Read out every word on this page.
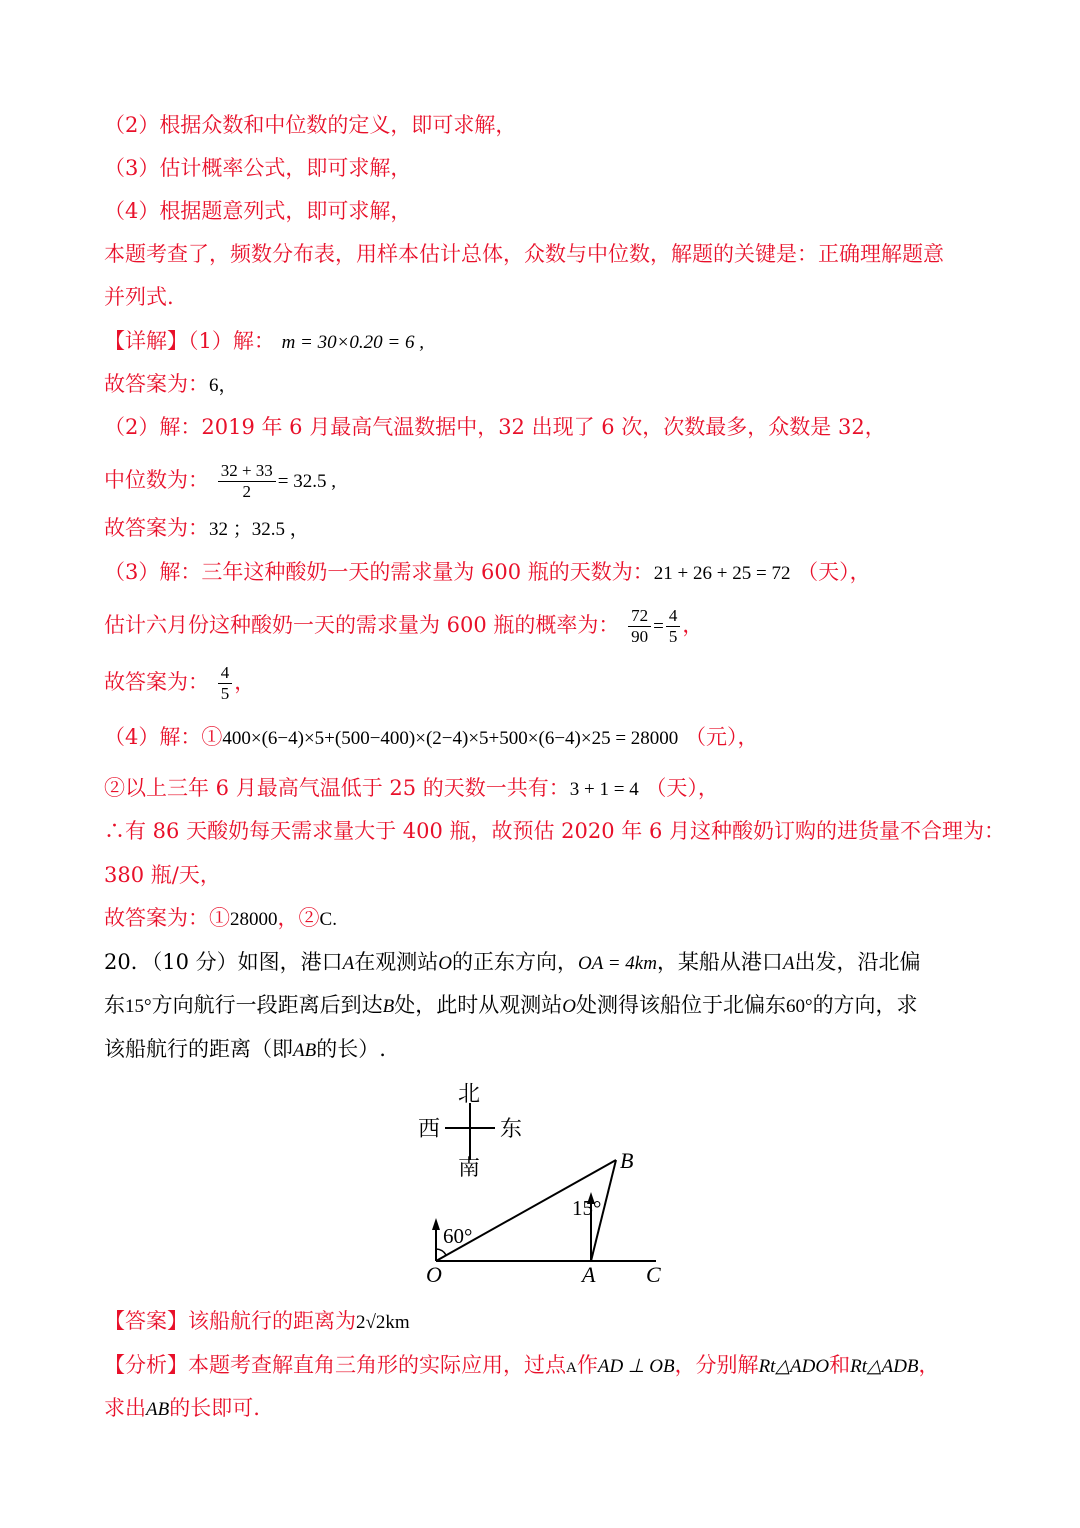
（2）根据众数和中位数的定义，即可求解，
（3）估计概率公式，即可求解，
（4）根据题意列式，即可求解，
本题考查了，频数分布表，用样本估计总体，众数与中位数，解题的关键是：正确理解题意
并列式.
【详解】（1）解： m = 30×0.20 = 6 ,
故答案为：6，
（2）解：2019 年 6 月最高气温数据中，32 出现了 6 次，次数最多，众数是 32，
中位数为： $\frac{32 + 33}{2} = 32.5$ ,
故答案为：32 ；32.5 ，
（3）解：三年这种酸奶一天的需求量为 600 瓶的天数为：21 + 26 + 25 = 72 （天），
估计六月份这种酸奶一天的需求量为 600 瓶的概率为： $\frac{72}{90} = \frac{4}{5}$ ，
故答案为： $\frac{4}{5}$ ，
（4）解：①400×(6−4)×5+(500−400)×(2−4)×5+500×(6−4)×25 = 28000 （元），
②以上三年 6 月最高气温低于 25 的天数一共有：3 + 1 = 4 （天），
∴有 86 天酸奶每天需求量大于 400 瓶，故预估 2020 年 6 月这种酸奶订购的进货量不合理为：
380 瓶/天，
故答案为：①28000，②C.
20．（10 分）如图，港口A在观测站O的正东方向，OA = 4km，某船从港口A出发，沿北偏
东15°方向航行一段距离后到达B处，此时从观测站O处测得该船位于北偏东60°的方向，求
该船航行的距离（即AB的长）.
北
南
西	东
60°
15°
O	A C
B
【答案】该船航行的距离为2√2km
【分析】本题考查解直角三角形的实际应用，过点A作AD ⊥ OB，分别解Rt△ADO和Rt△ADB，
求出AB的长即可.
